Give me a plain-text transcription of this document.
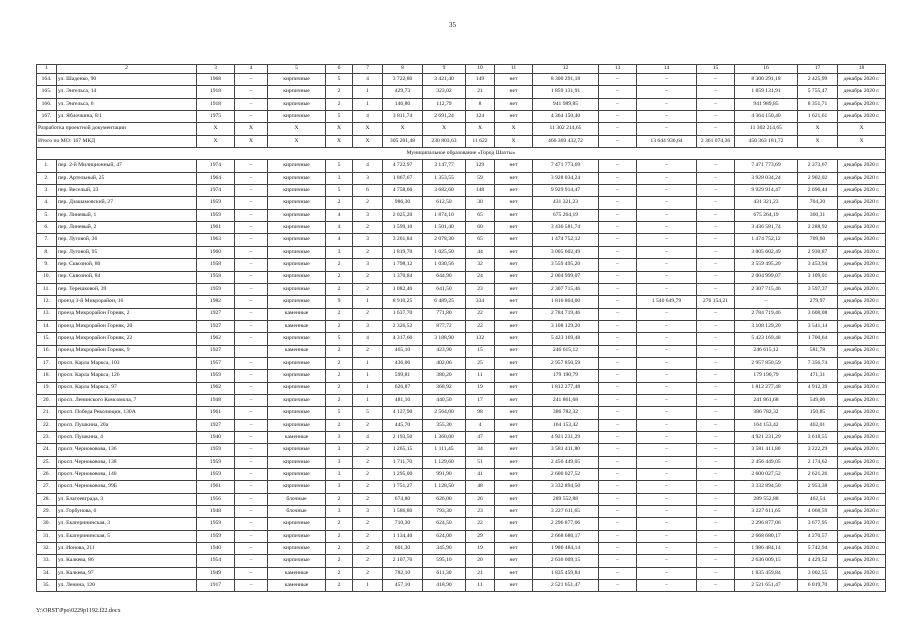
35
1	2	3	4	5	6	7	8	9	10	11	12	13	14	15	16	17	18
164.	ул. Шаденко, 90	1968	–	кирпичные	5	4	3 722,80	3 421,40	149	нет	8 300 291,18	–	–	–	8 300 291,18	2 425,99	декабрь 2020 г.
165.	ул. Энгельса, 14	1918	–	кирпичные	2	1	429,73	323,02	21	нет	1 859 131,91	–	–	–	1 859 131,91	5 755,47	декабрь 2020 г.
166.	ул. Энгельса, 6	1918	–	кирпичные	2	1	146,80	112,79	8	нет	941 989,85	–	–	–	941 989,85	8 351,71	декабрь 2020 г.
167.	ул. Яблочкина, 8/1	1975	–	кирпичные	5	4	3 811,74	2 691,24	124	нет	4 364 150,40	–	–	–	4 364 150,40	1 621,61	декабрь 2020 г.
Разработка проектной документации		Х	Х	Х	Х	Х	Х	Х	Х	Х	11 302 214,65	–	–	–	11 302 214,65	Х	Х
Итого по МО: 167 МКД		Х	Х	Х	Х	Х	305 201,48	230 803,63	11 622	Х	466 369 432,72	–	13 644 936,64	2 361 074,36	450 363 181,72	Х	Х
Муниципальное образование «Город Шахты»																	
1.	пер. 2-й Милиционный, 47	1974	–	кирпичные	5	4	4 722,97	3 147,77	129	нет	7 471 773,69	–	–	–	7 471 773,69	2 373,67	декабрь 2020 г.
2.	пер. Артельный, 25	1964	–	кирпичные	3	3	1 867,67	1 353,55	59	нет	3 928 034,24	–	–	–	3 928 034,24	2 902,02	декабрь 2020 г.
3.	пер. Веселый, 33	1974	–	кирпичные	5	6	4 758,60	3 682,60	148	нет	9 929 914,47	–	–	–	9 929 914,47	2 696,44	декабрь 2020 г.
4.	пер. Дзашамовский, 27	1959	–	кирпичные	2	2	986,30	612,50	30	нет	431 321,23	–	–	–	431 321,23	704,20	декабрь 2020 г.
5.	пер. Линевый, 1	1959	–	кирпичные	4	3	2 025,20	1 874,10	65	нет	675 264,19	–	–	–	675 264,19	360,31	декабрь 2020 г.
6.	пер. Линевый, 2	1961	–	кирпичные	4	2	1 599,10	1 501,40	60	нет	3 436 581,74	–	–	–	3 436 581,74	2 288,92	декабрь 2020 г.
7.	пер. Луговой, 36	1963	–	кирпичные	4	3	3 261,84	2 078,30	65	нет	1 474 752,12	–	–	–	1 474 752,12	709,60	декабрь 2020 г.
8.	пер. Луговой, 95	1960	–	кирпичные	3	2	1 819,70	1 025,50	44	нет	3 005 602,49	–	–	–	3 005 602,49	2 930,87	декабрь 2020 г.
9.	пер. Сквозной, 80	1958	–	кирпичные	2	3	1 798,12	1 030,56	32	нет	3 559 495,20	–	–	–	3 559 495,20	3 453,94	декабрь 2020 г.
10.	пер. Сквозной, 84	1958	–	кирпичные	2	2	1 370,84	644,90	24	нет	2 004 999,07	–	–	–	2 004 999,07	3 109,01	декабрь 2020 г.
11.	пер. Терешковой, 39	1959	–	кирпичные	2	2	1 082,40	641,50	23	нет	2 307 715,46	–	–	–	2 307 715,46	3 597,37	декабрь 2020 г.
12.	проезд 3-й Микрорайон, 16	1982	–	кирпичные	9	1	8 910,25	6 489,25	334	нет	1 816 804,00	–	1 540 649,79	276 154,21	–	279,97	декабрь 2020 г.
13.	проезд Микрорайон Горняк, 2	1927	–	каменные	2	2	1 637,70	771,80	22	нет	2 784 719,46	–	–	–	2 784 719,46	3 608,08	декабрь 2020 г.
14.	проезд Микрорайон Горняк, 20	1927	–	каменные	2	3	2 326,52	877,72	22	нет	3 108 129,20	–	–	–	3 108 129,20	3 541,14	декабрь 2020 г.
15.	проезд Микрорайон Горняк, 22	1962	–	кирпичные	5	4	4 317,60	3 188,90	132	нет	5 423 169,48	–	–	–	5 423 169,48	1 700,64	декабрь 2020 г.
16.	проезд Микрорайон Горняк, 9	1927		каменные	2	2	465,10	423,90	15	нет	246 615,12	–	–	–	246 615,12	581,78	декабрь 2020 г.
17.	просп. Карла Маркса, 103	1957	–	кирпичные	2	1	436,06	402,06	25	нет	2 957 850,59	–	–	–	2 957 850,59	7 356,74	декабрь 2020 г.
18.	просп. Карла Маркса, 126	1959	–	кирпичные	2	1	599,81	380,20	11	нет	179 190,79	–	–	–	179 190,79	471,31	декабрь 2020 г.
19.	просп. Карла Маркса, 97	1962	–	кирпичные	2	1	626,87	368,92	19	нет	1 812 277,48	–	–	–	1 812 277,48	4 912,39	декабрь 2020 г.
20.	просп. Ленинского Комсомола, 7	1948	–	кирпичные	2	1	481,10	440,50	17	нет	241 861,68	–	–	–	241 861,68	549,06	декабрь 2020 г.
21.	просп. Победа Революции, 130А	1961	–	кирпичные	5	5	4 127,90	2 564,00	98	нет	386 782,32	–	–	–	386 782,32	150,85	декабрь 2020 г.
22.	просп. Пушкина, 20а	1927	–	кирпичные	2	2	445,70	355,30	4	нет	164 153,42	–	–	–	164 153,42	462,01	декабрь 2020 г.
23.	просп. Пушкина, 4	1940	–	каменные	3	4	2 193,50	1 360,00	47	нет	4 921 231,29	–	–	–	4 921 231,29	3 618,55	декабрь 2020 г.
24.	просп. Черноковова, 136	1959	–	кирпичные	3	2	1 265,15	1 111,45	34	нет	3 581 411,80	–	–	–	3 581 411,80	3 222,29	декабрь 2020 г.
25.	просп. Черноковова, 138	1959	–	кирпичные	3	2	1 711,70	1 129,60	51	нет	2 456 449,05	–	–	–	2 456 449,05	2 174,62	декабрь 2020 г.
26.	просп. Черноковова, 140	1959	–	кирпичные	3	2	1 295,00	991,90	41	нет	2 600 027,52	–	–	–	2 600 027,52	2 621,26	декабрь 2020 г.
27.	просп. Черноковова, 99Б	1961	–	кирпичные	3	2	1 751,27	1 128,50	48	нет	3 332 894,50	–	–	–	3 332 894,50	2 953,38	декабрь 2020 г.
28.	ул. Благоевграда, 3	1956	–	блочные	2	2	674,80	626,00	26	нет	289 552,88	–	–	–	289 552,88	462,54	декабрь 2020 г.
29.	ул. Горбунова, 6	1948	–	блочные	3	3	1 586,80	793,30	23	нет	3 227 611,65	–	–	–	3 227 611,65	4 068,59	декабрь 2020 г.
30.	ул. Екатерининская, 3	1959	–	кирпичные	2	2	710,30	624,50	22	нет	2 296 877,06	–	–	–	2 296 877,06	3 677,95	декабрь 2020 г.
31.	ул. Екатерининская, 5	1959	–	кирпичные	2	2	1 134,40	624,00	29	нет	2 668 680,17	–	–	–	2 668 680,17	4 270,57	декабрь 2020 г.
32.	ул. Ионова, 211	1940	–	кирпичные	2	2	601,30	345,90	19	нет	1 986 484,14	–	–	–	1 986 484,14	5 742,94	декабрь 2020 г.
33.	ул. Калкева, 86	1954	–	кирпичные	2	2	2 107,70	595,10	20	нет	2 636 009,15	–	–	–	2 636 009,15	4 429,52	декабрь 2020 г.
34.	ул. Калкева, 97	1949	–	каменные	2	2	782,10	611,30	21	нет	1 835 459,84	–	–	–	1 835 459,84	3 002,55	декабрь 2020 г.
35.	ул. Ленина, 120	1917	–	каменные	2	1	457,10	418,90	11	нет	2 521 651,47	–	–	–	2 521 651,47	6 019,70	декабрь 2020 г.
Y:\ORST\Ppo\0229p1192.f22.docx
